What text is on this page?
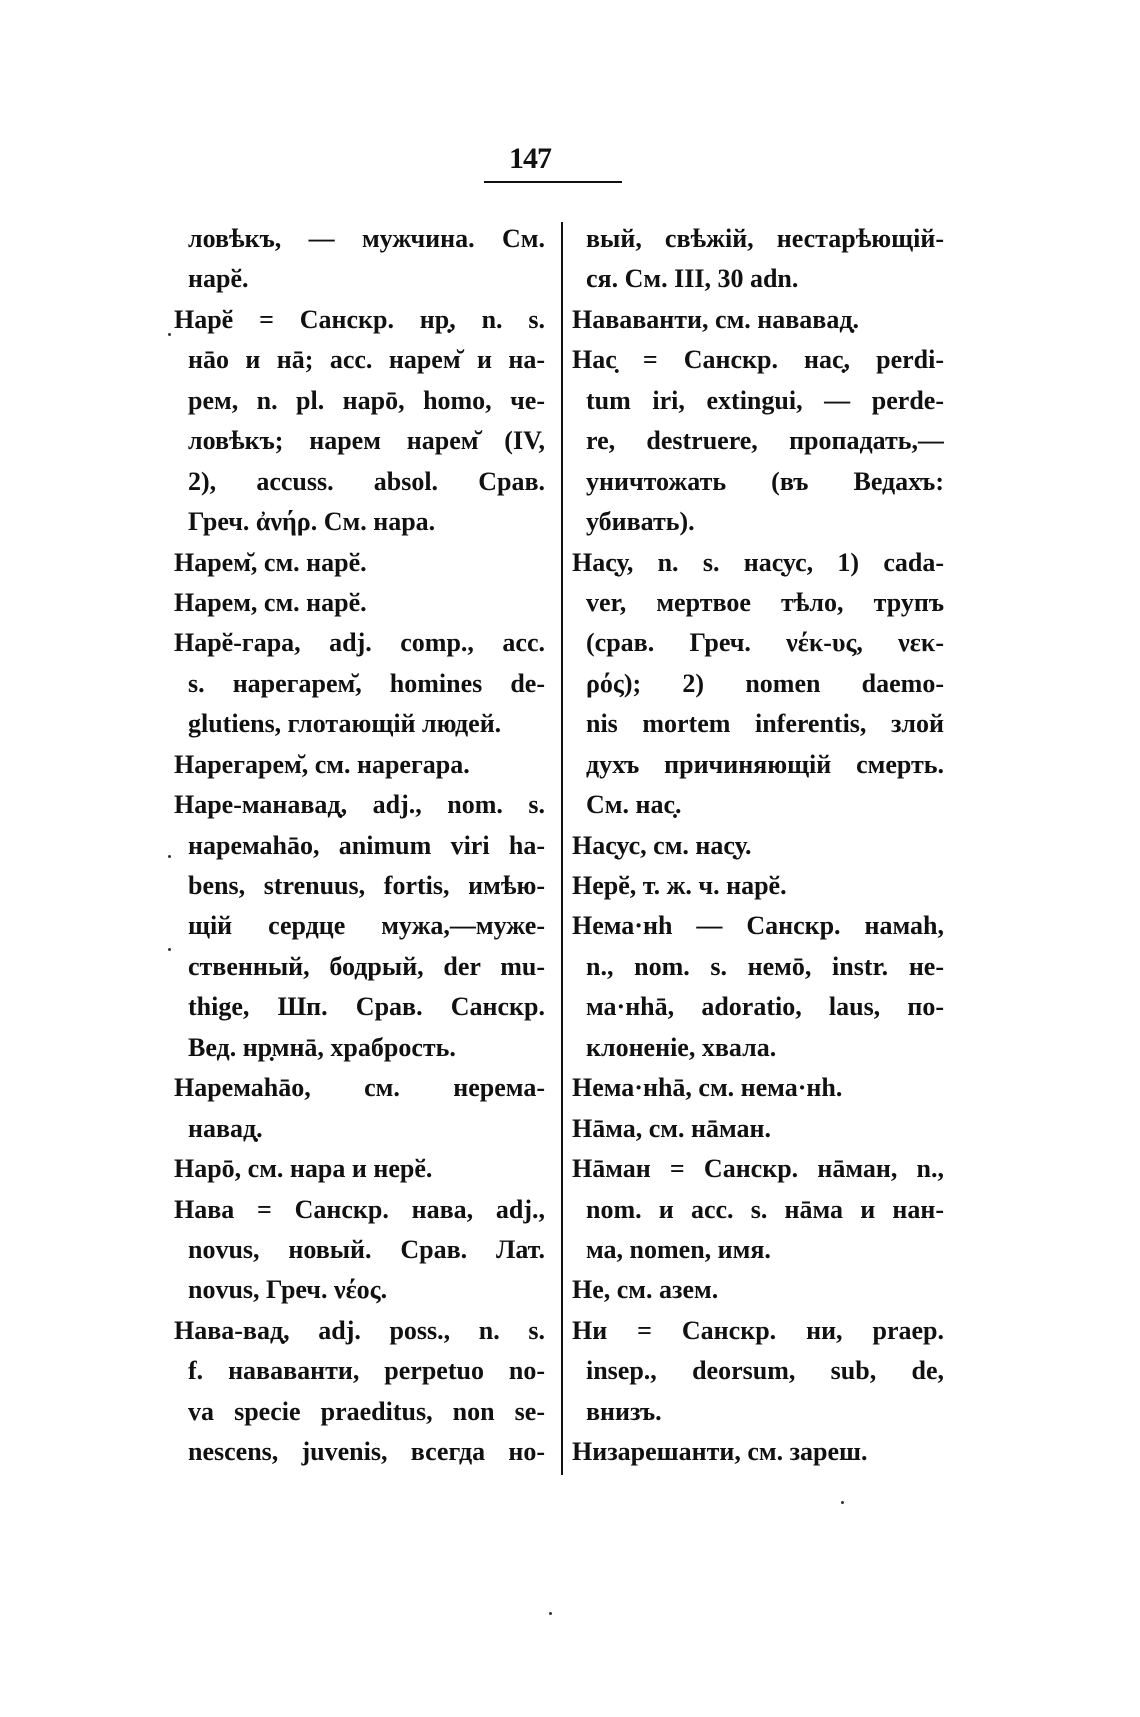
147
ловѣкъ, — мужчина. См.
нарӗ.
Нарӗ = Санскр. нр̣, n. s.
нāо и нā; acc. нарем̆ и на-
рем, n. pl. нарō, homo, че-
ловѣкъ; нарем нарем̆ (IV,
2), accuss. absol. Срав.
Греч. ἀνήρ. См. нара.
Нарем̆, см. нарӗ.
Нарем, см. нарӗ.
Нарӗ-гара, adj. comp., acc.
s. нарегарем̆, homines de-
glutiens, глотающій людей.
Нарегарем̆, см. нарегара.
Наре-манавад̣, adj., nom. s.
наремаhāо, animum viri ha-
bens, strenuus, fortis, имѣю-
щій сердце мужа,—муже-
ственный, бодрый, der mu-
thige, Шп. Срав. Санскр.
Вед. нр̣мнā, храбрость.
Наремаhāо, см. нерема-
навад̣.
Нарō, см. нара и нерӗ.
Нава = Санскр. нава, adj.,
novus, новый. Срав. Лат.
novus, Греч. νέος.
Нава-вад̣, adj. poss., n. s.
f. нававанти, perpetuo no-
va specie praeditus, non se-
nescens, juvenis, всегда но-
вый, свѣжій, нестарѣющій-
ся. См. III, 30 adn.
Нававанти, см. нававад̣.
Нас̣ = Санскр. нас̣, perdi-
tum iri, extingui, — perde-
re, destruere, пропадать,—
уничтожать (въ Ведахъ:
убивать).
Нас̣у, n. s. нас̣ус, 1) cada-
ver, мертвое тѣло, трупъ
(срав. Греч. νέκ-υς, νεκ-
ρός); 2) nomen daemo-
nis mortem inferentis, злой
духъ причиняющій смерть.
См. нас̣.
Нас̣ус, см. нас̣у.
Нерӗ, т. ж. ч. нарӗ.
Нема·нh — Санскр. намаh,
n., nom. s. немō, instr. не-
ма·нhā, adoratio, laus, по-
клоненіе, хвала.
Нема·нhā, см. нема·нh.
Нāма, см. нāман.
Нāман = Санскр. нāман, n.,
nom. и acc. s. нāма и нан-
ма, nomen, имя.
Не, см. азем.
Ни = Санскр. ни, praep.
insep., deorsum, sub, de,
внизъ.
Низарешанти, см. зареш.
